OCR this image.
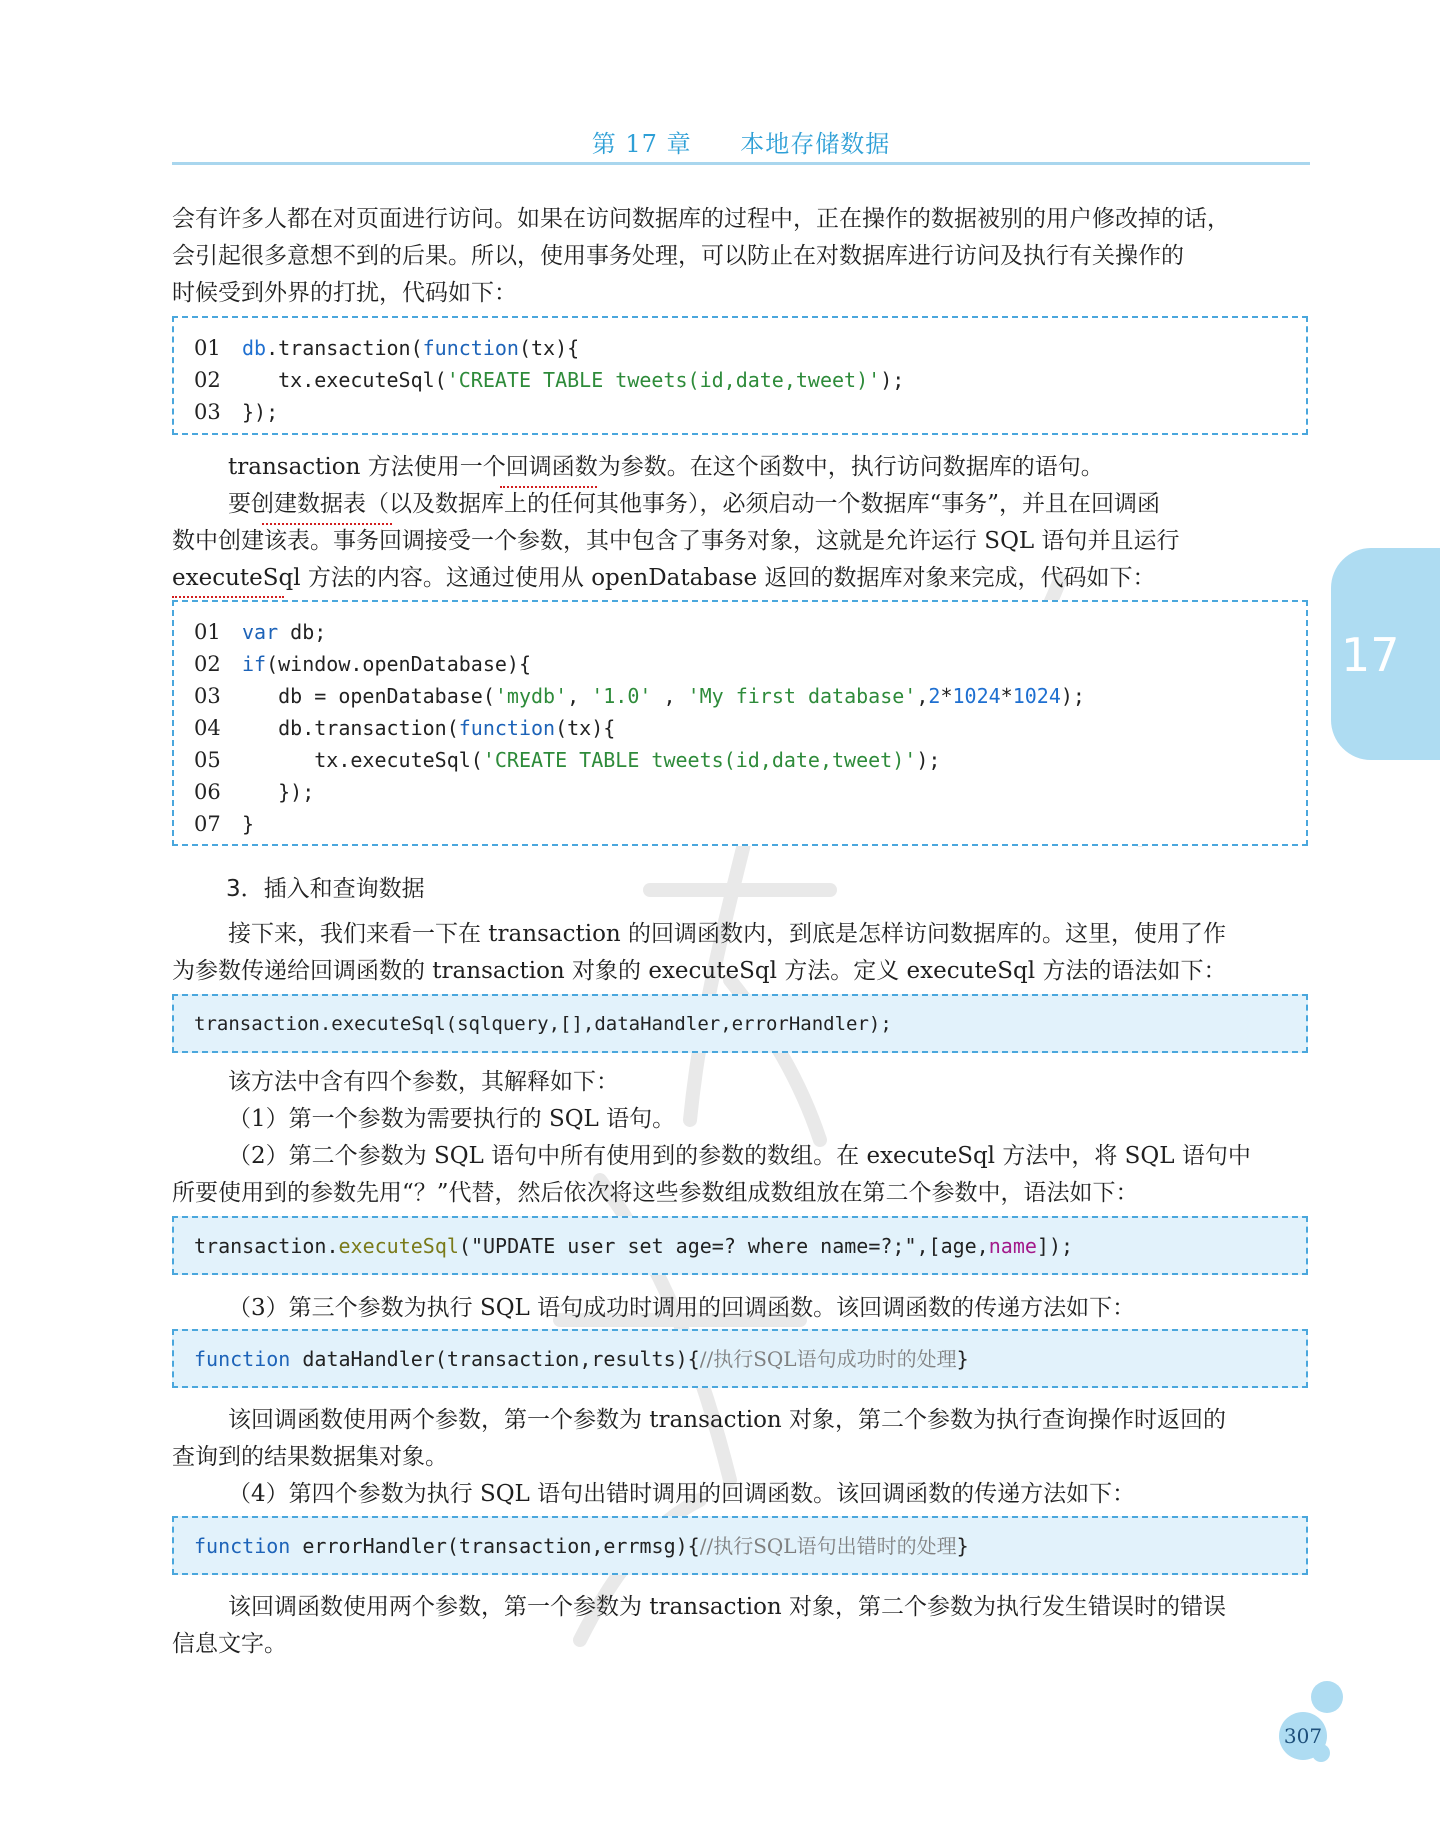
第 17 章 本地存储数据
17
会有许多人都在对页面进行访问。如果在访问数据库的过程中，正在操作的数据被别的用户修改掉的话，
会引起很多意想不到的后果。所以，使用事务处理，可以防止在对数据库进行访问及执行有关操作的
时候受到外界的打扰，代码如下：
01 db.transaction(function(tx){
02   tx.executeSql('CREATE TABLE tweets(id,date,tweet)');
03 });
transaction 方法使用一个回调函数为参数。在这个函数中，执行访问数据库的语句。
要创建数据表（以及数据库上的任何其他事务），必须启动一个数据库“事务”，并且在回调函
数中创建该表。事务回调接受一个参数，其中包含了事务对象，这就是允许运行 SQL 语句并且运行
executeSql 方法的内容。这通过使用从 openDatabase 返回的数据库对象来完成，代码如下：
01 var db;
02 if(window.openDatabase){
03   db = openDatabase('mydb', '1.0' , 'My first database',2*1024*1024);
04   db.transaction(function(tx){
05      tx.executeSql('CREATE TABLE tweets(id,date,tweet)');
06   });
07 }
3．插入和查询数据
接下来，我们来看一下在 transaction 的回调函数内，到底是怎样访问数据库的。这里，使用了作
为参数传递给回调函数的 transaction 对象的 executeSql 方法。定义 executeSql 方法的语法如下：
transaction.executeSql(sqlquery,[],dataHandler,errorHandler);
该方法中含有四个参数，其解释如下：
（1）第一个参数为需要执行的 SQL 语句。
（2）第二个参数为 SQL 语句中所有使用到的参数的数组。在 executeSql 方法中，将 SQL 语句中
所要使用到的参数先用“？”代替，然后依次将这些参数组成数组放在第二个参数中，语法如下：
transaction.executeSql("UPDATE user set age=? where name=?;",[age,name]);
（3）第三个参数为执行 SQL 语句成功时调用的回调函数。该回调函数的传递方法如下：
function dataHandler(transaction,results){//执行SQL语句成功时的处理}
该回调函数使用两个参数，第一个参数为 transaction 对象，第二个参数为执行查询操作时返回的
查询到的结果数据集对象。
（4）第四个参数为执行 SQL 语句出错时调用的回调函数。该回调函数的传递方法如下：
function errorHandler(transaction,errmsg){//执行SQL语句出错时的处理}
该回调函数使用两个参数，第一个参数为 transaction 对象，第二个参数为执行发生错误时的错误
信息文字。
307
